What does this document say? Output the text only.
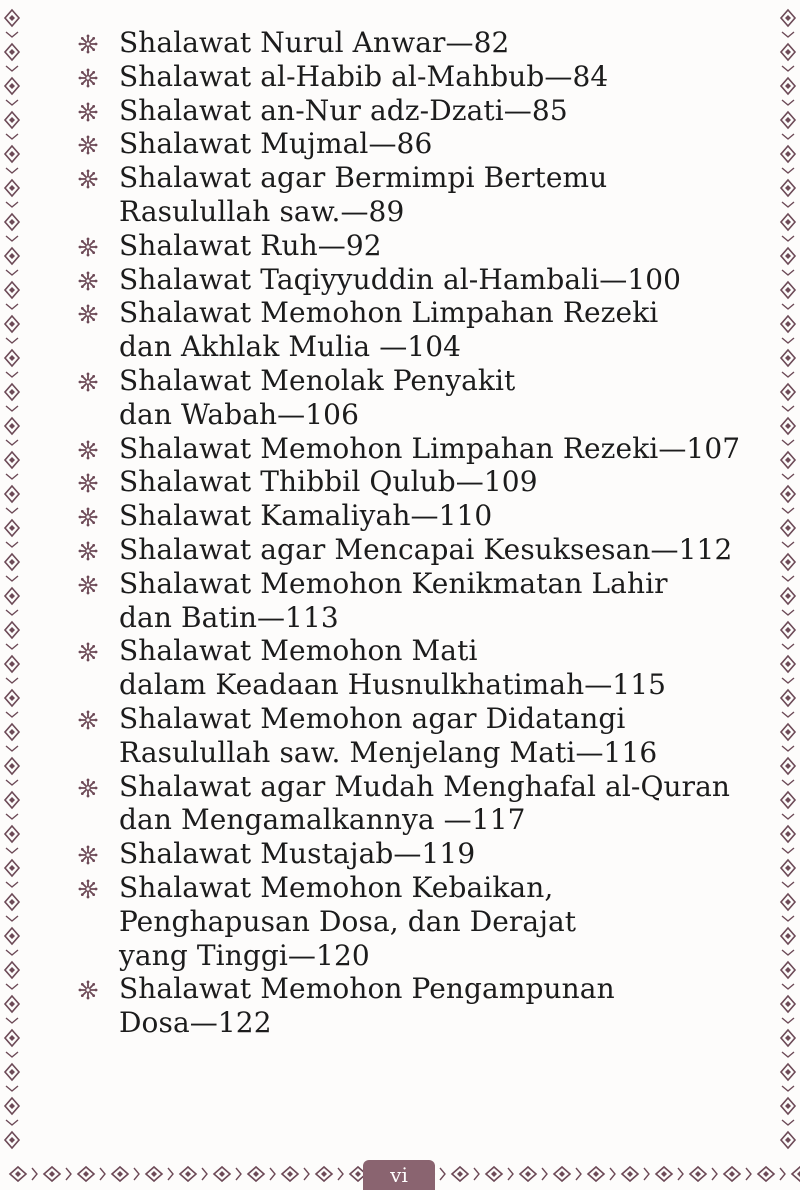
Shalawat Nurul Anwar—82
Shalawat al-Habib al-Mahbub—84
Shalawat an-Nur adz-Dzati—85
Shalawat Mujmal—86
Shalawat agar Bermimpi Bertemu
Rasulullah saw.—89
Shalawat Ruh—92
Shalawat Taqiyyuddin al-Hambali—100
Shalawat Memohon Limpahan Rezeki
dan Akhlak Mulia —104
Shalawat Menolak Penyakit
dan Wabah—106
Shalawat Memohon Limpahan Rezeki—107
Shalawat Thibbil Qulub—109
Shalawat Kamaliyah—110
Shalawat agar Mencapai Kesuksesan—112
Shalawat Memohon Kenikmatan Lahir
dan Batin—113
Shalawat Memohon Mati
dalam Keadaan Husnulkhatimah—115
Shalawat Memohon agar Didatangi
Rasulullah saw. Menjelang Mati—116
Shalawat agar Mudah Menghafal al-Quran
dan Mengamalkannya —117
Shalawat Mustajab—119
Shalawat Memohon Kebaikan,
Penghapusan Dosa, dan Derajat
yang Tinggi—120
Shalawat Memohon Pengampunan
Dosa—122
vi
